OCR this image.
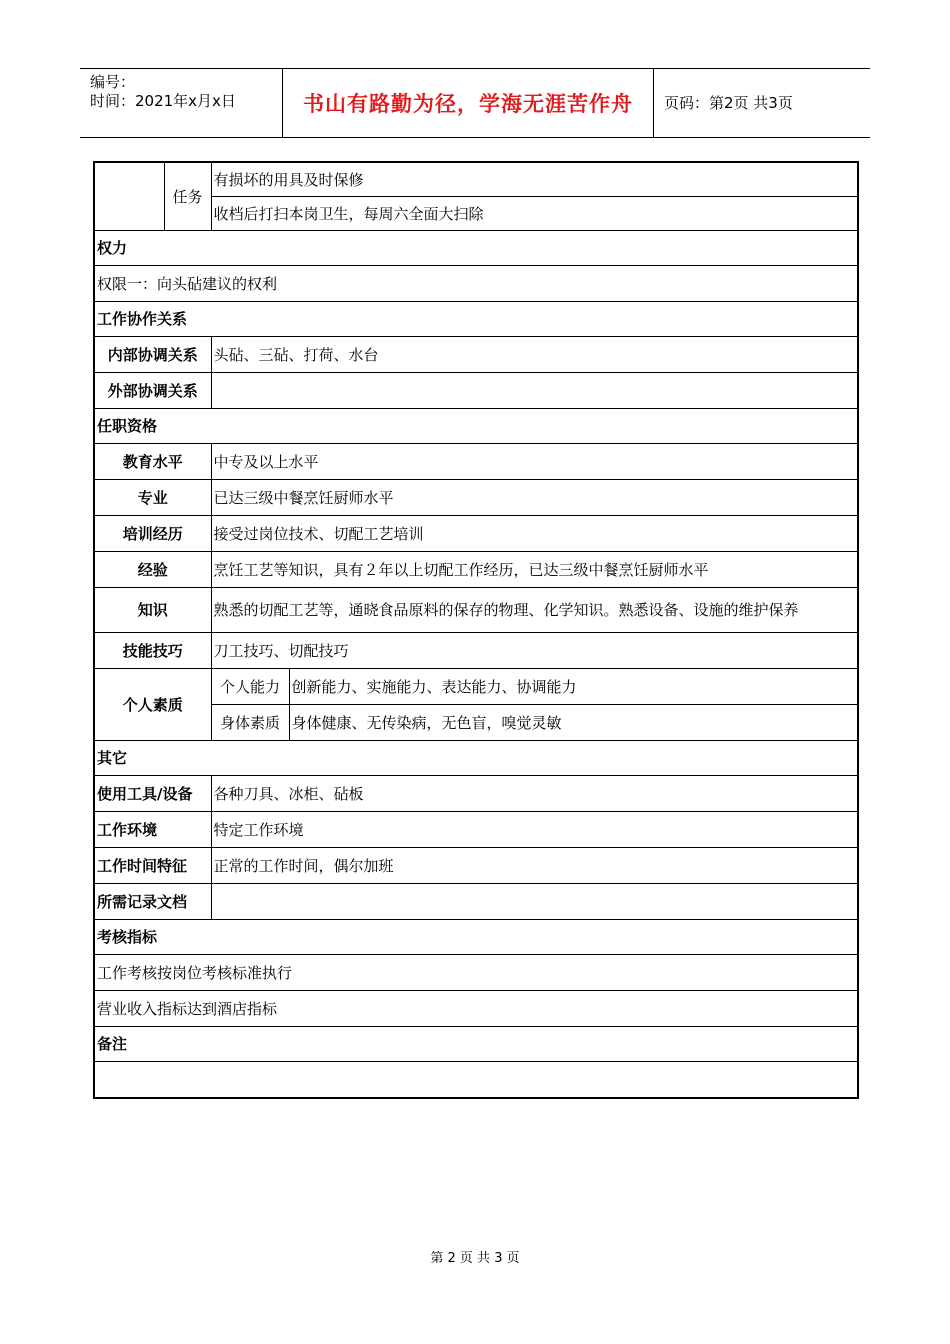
编号：
时间：2021年x月x日	书山有路勤为径，学海无涯苦作舟 页码：第2页 共3页
	任务	有损坏的用具及时保修	
		收档后打扫本岗卫生，每周六全面大扫除	
权力			
权限一：向头砧建议的权利			
工作协作关系			
内部协调关系		头砧、三砧、打荷、水台	
外部协调关系			
任职资格			
教育水平		中专及以上水平	
专业		已达三级中餐烹饪厨师水平	
培训经历		接受过岗位技术、切配工艺培训	
经验		烹饪工艺等知识，具有２年以上切配工作经历，已达三级中餐烹饪厨师水平	
知识		熟悉的切配工艺等，通晓食品原料的保存的物理、化学知识。熟悉设备、设施的维护保养	
技能技巧		刀工技巧、切配技巧	
个人素质		个人能力	创新能力、实施能力、表达能力、协调能力
		身体素质	身体健康、无传染病，无色盲，嗅觉灵敏
其它			
使用工具/设备		各种刀具、冰柜、砧板	
工作环境		特定工作环境	
工作时间特征		正常的工作时间，偶尔加班	
所需记录文档			
考核指标			
工作考核按岗位考核标准执行			
营业收入指标达到酒店指标			
备注			

第 2 页 共 3 页
